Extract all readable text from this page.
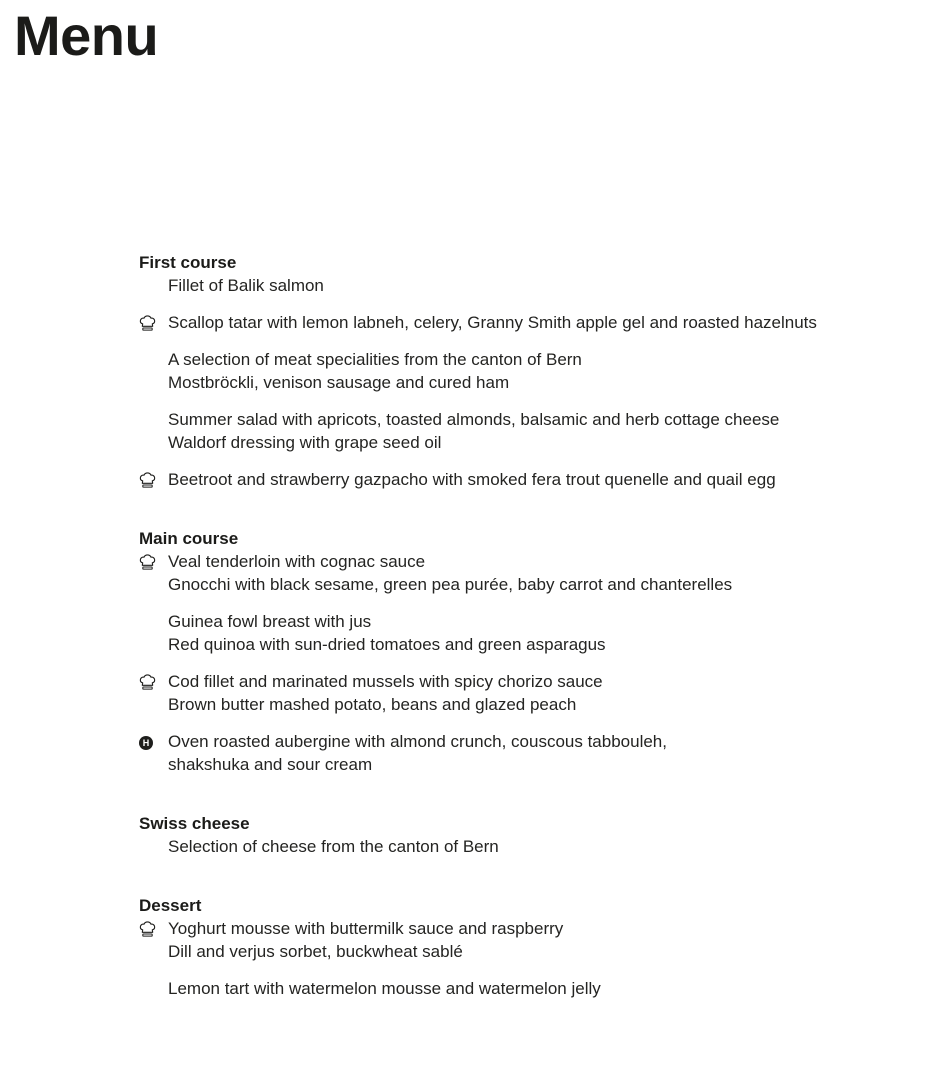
Menu
First course
Fillet of Balik salmon
Scallop tatar with lemon labneh, celery, Granny Smith apple gel and roasted hazelnuts
A selection of meat specialities from the canton of Bern
Mostbröckli, venison sausage and cured ham
Summer salad with apricots, toasted almonds, balsamic and herb cottage cheese
Waldorf dressing with grape seed oil
Beetroot and strawberry gazpacho with smoked fera trout quenelle and quail egg
Main course
Veal tenderloin with cognac sauce
Gnocchi with black sesame, green pea purée, baby carrot and chanterelles
Guinea fowl breast with jus
Red quinoa with sun-dried tomatoes and green asparagus
Cod fillet and marinated mussels with spicy chorizo sauce
Brown butter mashed potato, beans and glazed peach
H	Oven roasted aubergine with almond crunch, couscous tabbouleh,
shakshuka and sour cream
Swiss cheese
Selection of cheese from the canton of Bern
Dessert
Yoghurt mousse with buttermilk sauce and raspberry
Dill and verjus sorbet, buckwheat sablé
Lemon tart with watermelon mousse and watermelon jelly
